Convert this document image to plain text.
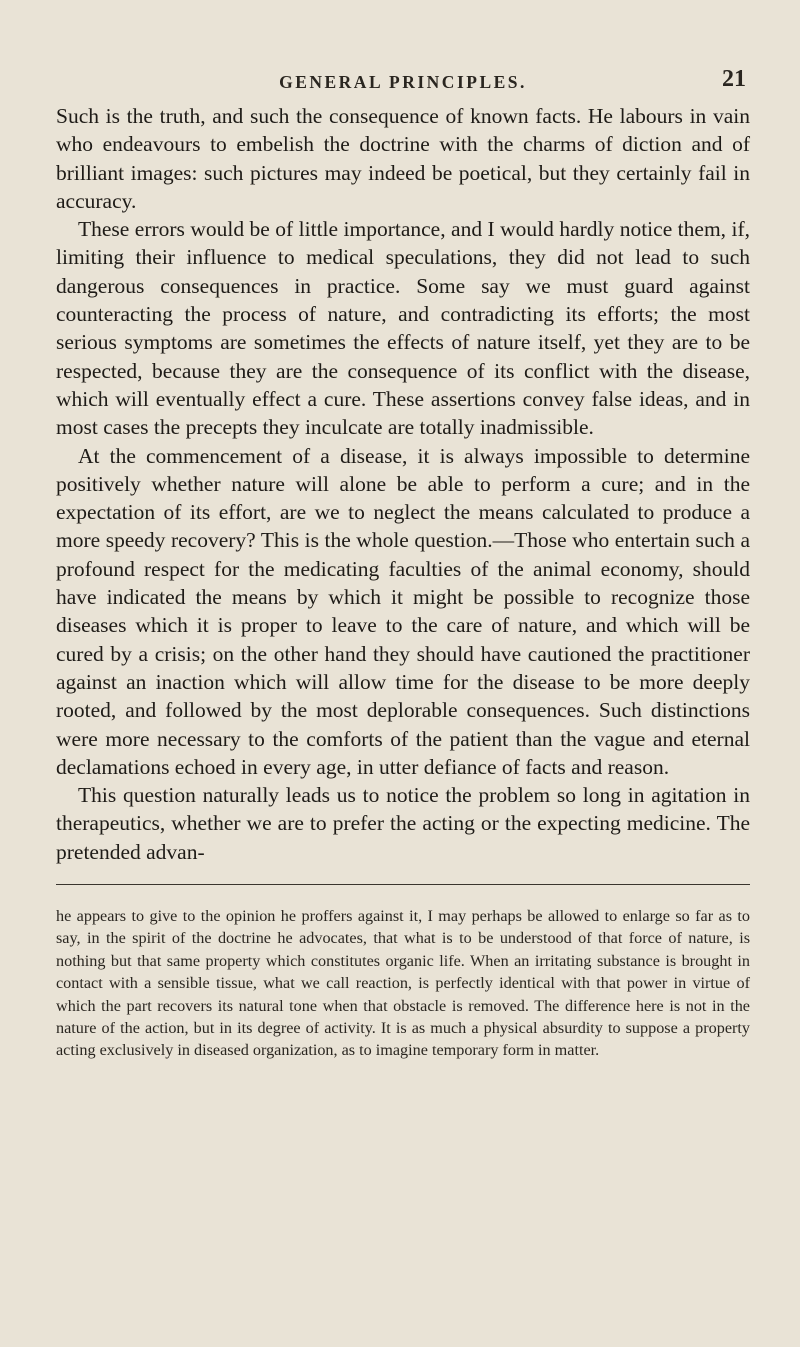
GENERAL PRINCIPLES.	21

Such is the truth, and such the consequence of known facts. He labours in vain who endeavours to embelish the doctrine with the charms of diction and of brilliant images: such pictures may indeed be poetical, but they certainly fail in accuracy.

These errors would be of little importance, and I would hardly notice them, if, limiting their influence to medical speculations, they did not lead to such dangerous consequences in practice. Some say we must guard against counteracting the process of nature, and contradicting its efforts; the most serious symptoms are sometimes the effects of nature itself, yet they are to be respected, because they are the consequence of its conflict with the disease, which will eventually effect a cure. These assertions convey false ideas, and in most cases the precepts they inculcate are totally inadmissible.

At the commencement of a disease, it is always impossible to determine positively whether nature will alone be able to perform a cure; and in the expectation of its effort, are we to neglect the means calculated to produce a more speedy recovery? This is the whole question.—Those who entertain such a profound respect for the medicating faculties of the animal economy, should have indicated the means by which it might be possible to recognize those diseases which it is proper to leave to the care of nature, and which will be cured by a crisis; on the other hand they should have cautioned the practitioner against an inaction which will allow time for the disease to be more deeply rooted, and followed by the most deplorable consequences. Such distinctions were more necessary to the comforts of the patient than the vague and eternal declamations echoed in every age, in utter defiance of facts and reason.

This question naturally leads us to notice the problem so long in agitation in therapeutics, whether we are to prefer the acting or the expecting medicine. The pretended advan-

he appears to give to the opinion he proffers against it, I may perhaps be allowed to enlarge so far as to say, in the spirit of the doctrine he advocates, that what is to be understood of that force of nature, is nothing but that same property which constitutes organic life. When an irritating substance is brought in contact with a sensible tissue, what we call reaction, is perfectly identical with that power in virtue of which the part recovers its natural tone when that obstacle is removed. The difference here is not in the nature of the action, but in its degree of activity. It is as much a physical absurdity to suppose a property acting exclusively in diseased organization, as to imagine temporary form in matter.
